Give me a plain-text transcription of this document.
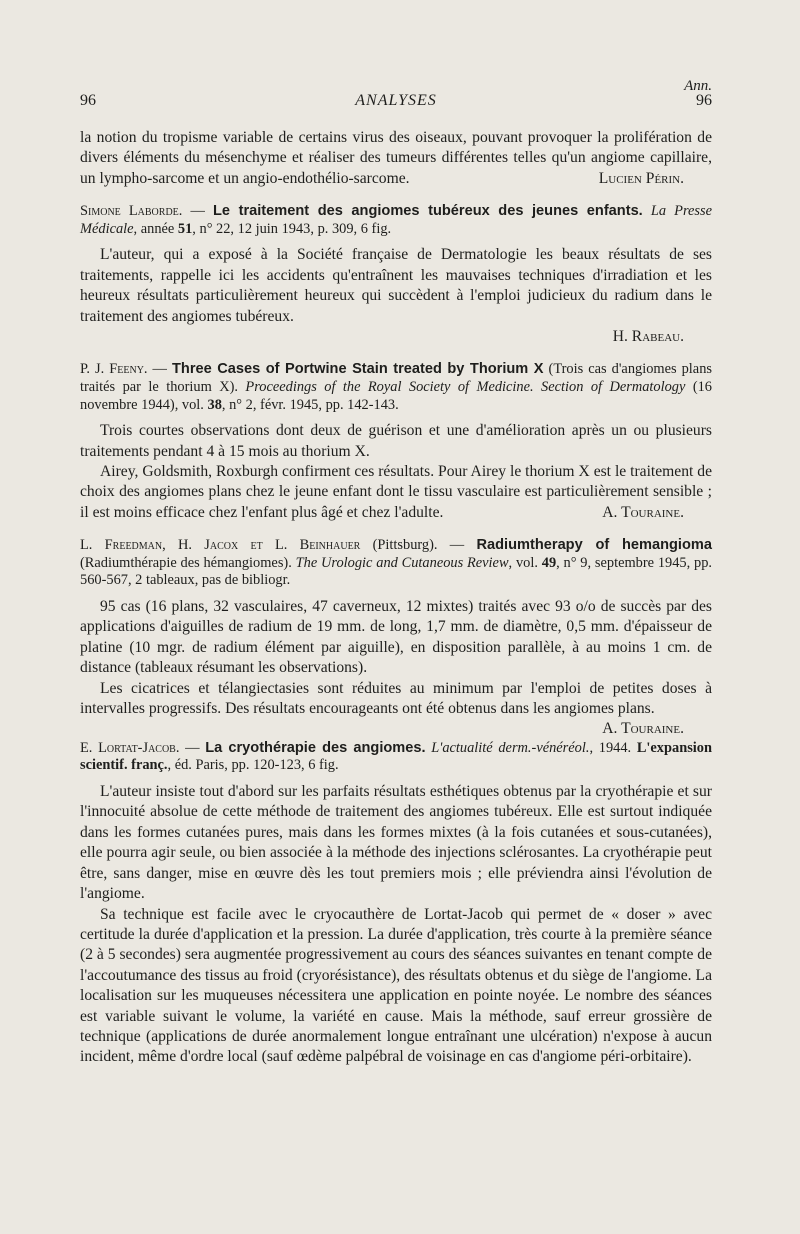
Ann.
96	ANALYSES	96

la notion du tropisme variable de certains virus des oiseaux, pouvant provoquer la prolifération de divers éléments du mésenchyme et réaliser des tumeurs différentes telles qu'un angiome capillaire, un lympho-sarcome et un angio-endothélio-sarcome.	Lucien Périn.

Simone Laborde. — Le traitement des angiomes tubéreux des jeunes enfants. La Presse Médicale, année 51, n° 22, 12 juin 1943, p. 309, 6 fig.

L'auteur, qui a exposé à la Société française de Dermatologie les beaux résultats de ses traitements, rappelle ici les accidents qu'entraînent les mauvaises techniques d'irradiation et les heureux résultats particulièrement heureux qui succèdent à l'emploi judicieux du radium dans le traitement des angiomes tubéreux.

H. Rabeau.

P. J. Feeny. — Three Cases of Portwine Stain treated by Thorium X (Trois cas d'angiomes plans traités par le thorium X). Proceedings of the Royal Society of Medicine. Section of Dermatology (16 novembre 1944), vol. 38, n° 2, févr. 1945, pp. 142-143.

Trois courtes observations dont deux de guérison et une d'amélioration après un ou plusieurs traitements pendant 4 à 15 mois au thorium X.

Airey, Goldsmith, Roxburgh confirment ces résultats. Pour Airey le thorium X est le traitement de choix des angiomes plans chez le jeune enfant dont le tissu vasculaire est particulièrement sensible ; il est moins efficace chez l'enfant plus âgé et chez l'adulte.	A. Touraine.

L. Freedman, H. Jacox et L. Beinhauer (Pittsburg). — Radiumtherapy of hemangioma (Radiumthérapie des hémangiomes). The Urologic and Cutaneous Review, vol. 49, n° 9, septembre 1945, pp. 560-567, 2 tableaux, pas de bibliogr.

95 cas (16 plans, 32 vasculaires, 47 caverneux, 12 mixtes) traités avec 93 o/o de succès par des applications d'aiguilles de radium de 19 mm. de long, 1,7 mm. de diamètre, 0,5 mm. d'épaisseur de platine (10 mgr. de radium élément par aiguille), en disposition parallèle, à au moins 1 cm. de distance (tableaux résumant les observations).

Les cicatrices et télangiectasies sont réduites au minimum par l'emploi de petites doses à intervalles progressifs. Des résultats encourageants ont été obtenus dans les angiomes plans.
A. Touraine.

E. Lortat-Jacob. — La cryothérapie des angiomes. L'actualité derm.-vénéréol., 1944. L'expansion scientif. franç., éd. Paris, pp. 120-123, 6 fig.

L'auteur insiste tout d'abord sur les parfaits résultats esthétiques obtenus par la cryothérapie et sur l'innocuité absolue de cette méthode de traitement des angiomes tubéreux. Elle est surtout indiquée dans les formes cutanées pures, mais dans les formes mixtes (à la fois cutanées et sous-cutanées), elle pourra agir seule, ou bien associée à la méthode des injections sclérosantes. La cryothérapie peut être, sans danger, mise en œuvre dès les tout premiers mois ; elle préviendra ainsi l'évolution de l'angiome.

Sa technique est facile avec le cryocauthère de Lortat-Jacob qui permet de « doser » avec certitude la durée d'application et la pression. La durée d'application, très courte à la première séance (2 à 5 secondes) sera augmentée progressivement au cours des séances suivantes en tenant compte de l'accoutumance des tissus au froid (cryorésistance), des résultats obtenus et du siège de l'angiome. La localisation sur les muqueuses nécessitera une application en pointe noyée. Le nombre des séances est variable suivant le volume, la variété en cause. Mais la méthode, sauf erreur grossière de technique (applications de durée anormalement longue entraînant une ulcération) n'expose à aucun incident, même d'ordre local (sauf œdème palpébral de voisinage en cas d'angiome péri-orbitaire).
